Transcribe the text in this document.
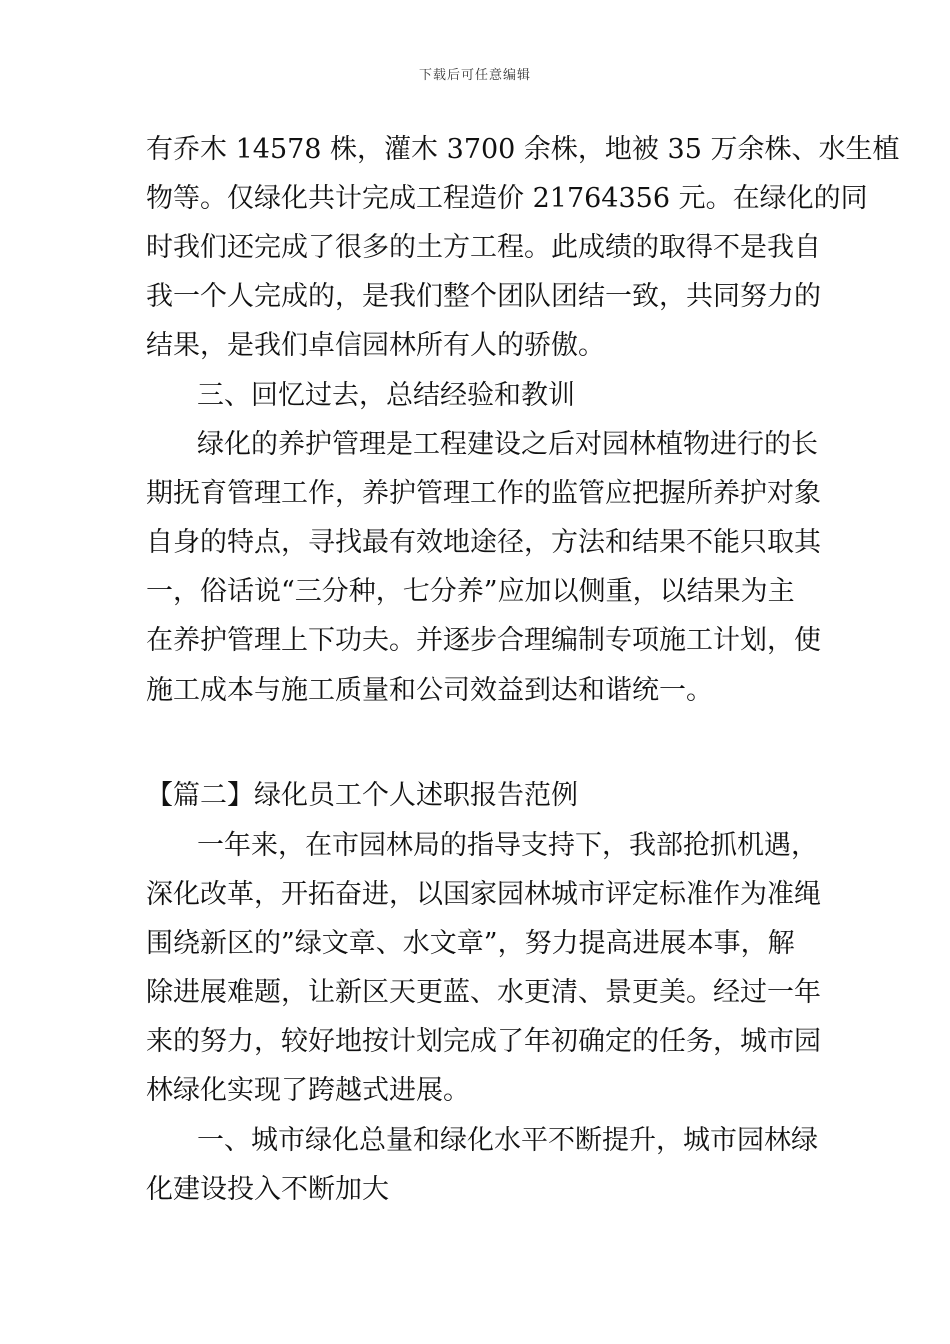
下载后可任意编辑
有乔木 14578 株，灌木 3700 余株，地被 35 万余株、水生植
物等。仅绿化共计完成工程造价 21764356 元。在绿化的同
时我们还完成了很多的土方工程。此成绩的取得不是我自
我一个人完成的，是我们整个团队团结一致，共同努力的
结果，是我们卓信园林所有人的骄傲。
三、回忆过去，总结经验和教训
绿化的养护管理是工程建设之后对园林植物进行的长
期抚育管理工作，养护管理工作的监管应把握所养护对象
自身的特点，寻找最有效地途径，方法和结果不能只取其
一，俗话说“三分种，七分养”应加以侧重，以结果为主
在养护管理上下功夫。并逐步合理编制专项施工计划，使
施工成本与施工质量和公司效益到达和谐统一。
【篇二】绿化员工个人述职报告范例
一年来，在市园林局的指导支持下，我部抢抓机遇，
深化改革，开拓奋进，以国家园林城市评定标准作为准绳
围绕新区的”绿文章、水文章”，努力提高进展本事，解
除进展难题，让新区天更蓝、水更清、景更美。经过一年
来的努力，较好地按计划完成了年初确定的任务，城市园
林绿化实现了跨越式进展。
一、城市绿化总量和绿化水平不断提升，城市园林绿
化建设投入不断加大
